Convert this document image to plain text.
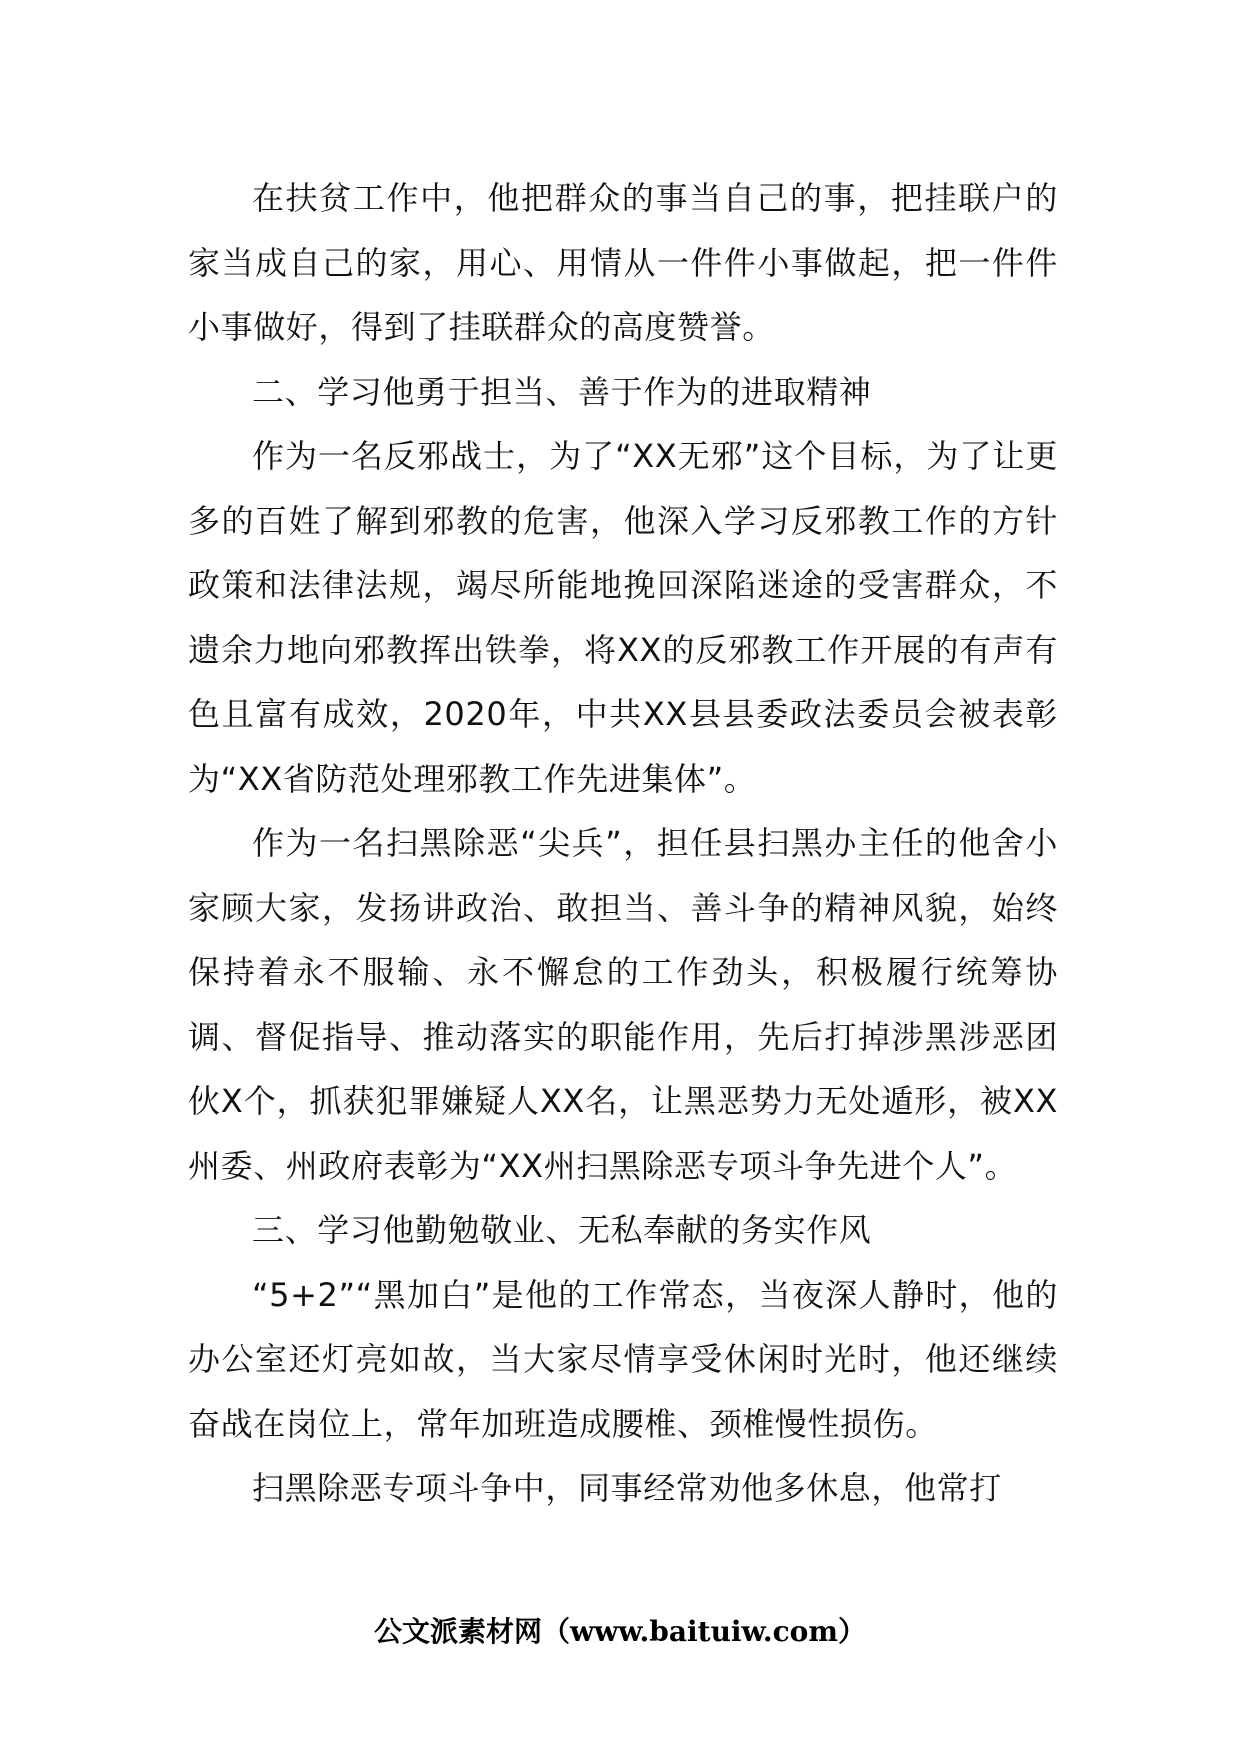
在扶贫工作中，他把群众的事当自己的事，把挂联户的家当成自己的家，用心、用情从一件件小事做起，把一件件小事做好，得到了挂联群众的高度赞誉。

二、学习他勇于担当、善于作为的进取精神

作为一名反邪战士，为了“XX无邪”这个目标，为了让更多的百姓了解到邪教的危害，他深入学习反邪教工作的方针政策和法律法规，竭尽所能地挽回深陷迷途的受害群众，不遗余力地向邪教挥出铁拳，将XX的反邪教工作开展的有声有色且富有成效，2020年，中共XX县县委政法委员会被表彰为“XX省防范处理邪教工作先进集体”。

作为一名扫黑除恶“尖兵”，担任县扫黑办主任的他舍小家顾大家，发扬讲政治、敢担当、善斗争的精神风貌，始终保持着永不服输、永不懈怠的工作劲头，积极履行统筹协调、督促指导、推动落实的职能作用，先后打掉涉黑涉恶团伙X个，抓获犯罪嫌疑人XX名，让黑恶势力无处遁形，被XX州委、州政府表彰为“XX州扫黑除恶专项斗争先进个人”。

三、学习他勤勉敬业、无私奉献的务实作风

“5+2”“黑加白”是他的工作常态，当夜深人静时，他的办公室还灯亮如故，当大家尽情享受休闲时光时，他还继续奋战在岗位上，常年加班造成腰椎、颈椎慢性损伤。

扫黑除恶专项斗争中，同事经常劝他多休息，他常打

公文派素材网（www.baituiw.com）
